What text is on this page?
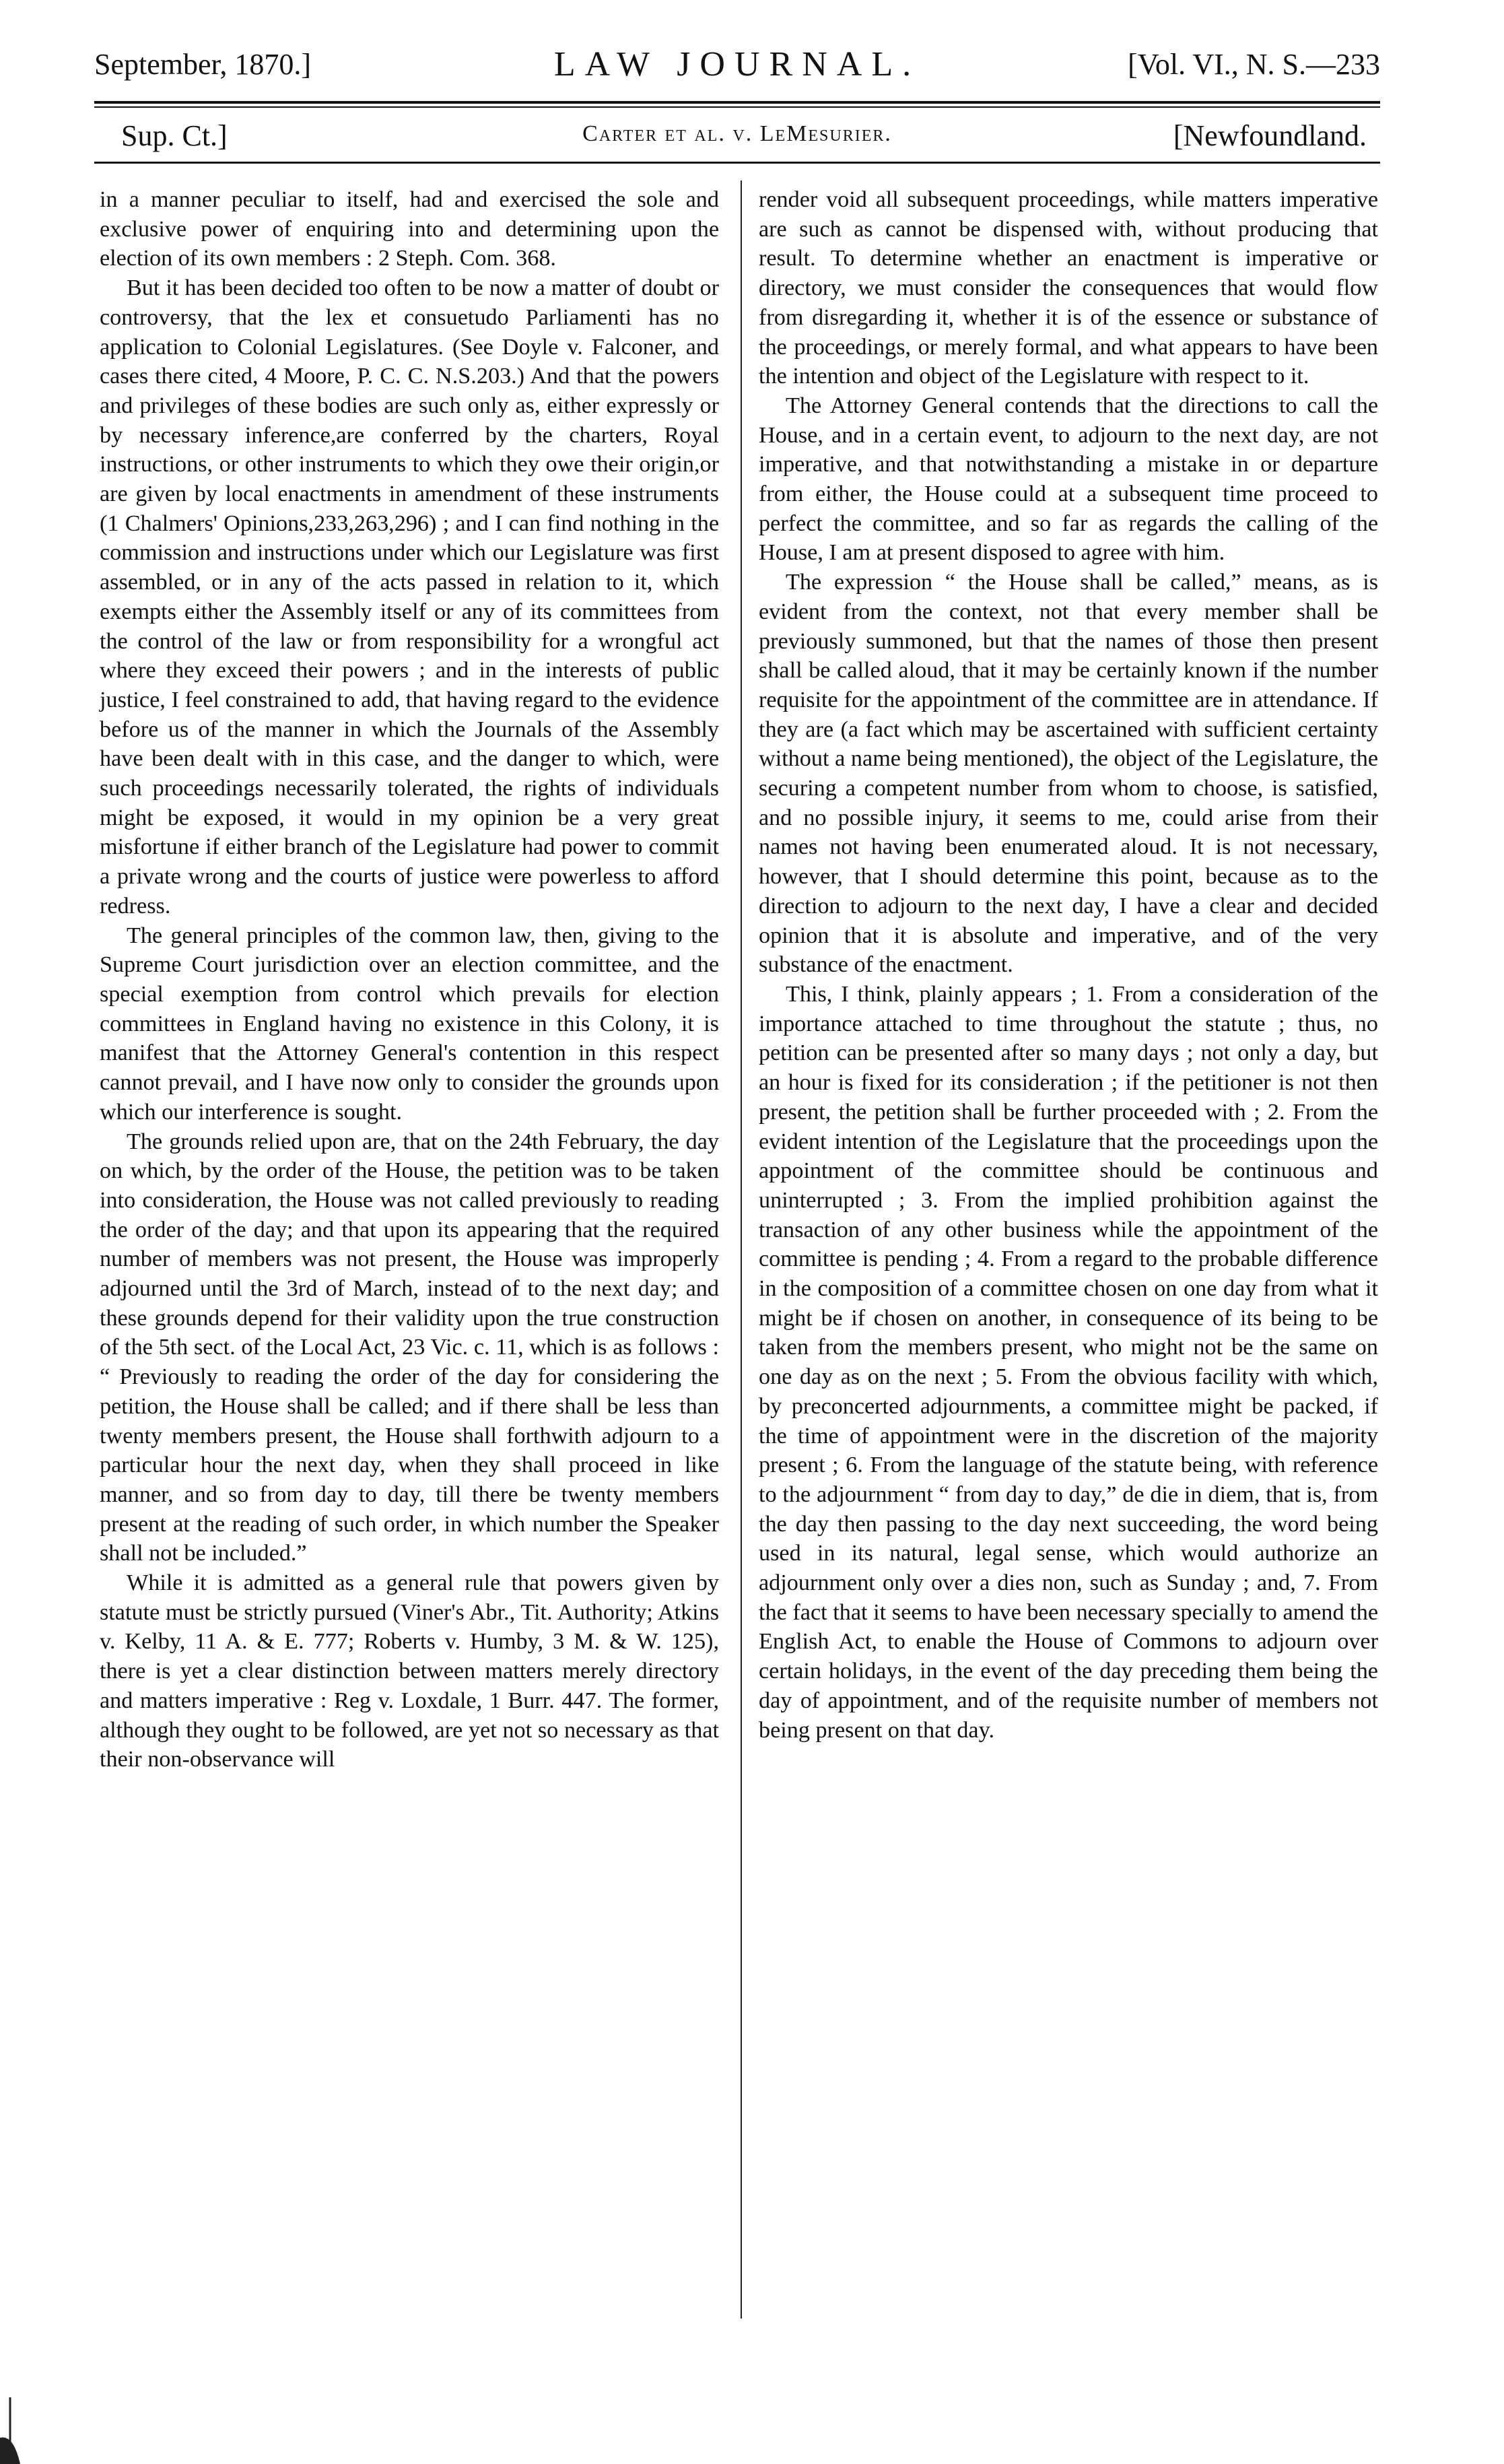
September, 1870.]	LAW JOURNAL.	[Vol. VI., N. S.—233
Sup. Ct.]	Carter et al. v. LeMesurier.	[Newfoundland.

in a manner peculiar to itself, had and exercised the sole and exclusive power of enquiring into and determining upon the election of its own members : 2 Steph. Com. 368.

But it has been decided too often to be now a matter of doubt or controversy, that the lex et consuetudo Parliamenti has no application to Colonial Legislatures. (See Doyle v. Falconer, and cases there cited, 4 Moore, P. C. C. N.S.203.) And that the powers and privileges of these bodies are such only as, either expressly or by necessary inference,are conferred by the charters, Royal instructions, or other instruments to which they owe their origin,or are given by local enactments in amendment of these instruments (1 Chalmers' Opinions,233,263,296) ; and I can find nothing in the commission and instructions under which our Legislature was first assembled, or in any of the acts passed in relation to it, which exempts either the Assembly itself or any of its committees from the control of the law or from responsibility for a wrongful act where they exceed their powers ; and in the interests of public justice, I feel constrained to add, that having regard to the evidence before us of the manner in which the Journals of the Assembly have been dealt with in this case, and the danger to which, were such proceedings necessarily tolerated, the rights of individuals might be exposed, it would in my opinion be a very great misfortune if either branch of the Legislature had power to commit a private wrong and the courts of justice were powerless to afford redress.

The general principles of the common law, then, giving to the Supreme Court jurisdiction over an election committee, and the special exemption from control which prevails for election committees in England having no existence in this Colony, it is manifest that the Attorney General's contention in this respect cannot prevail, and I have now only to consider the grounds upon which our interference is sought.

The grounds relied upon are, that on the 24th February, the day on which, by the order of the House, the petition was to be taken into consideration, the House was not called previously to reading the order of the day; and that upon its appearing that the required number of members was not present, the House was improperly adjourned until the 3rd of March, instead of to the next day; and these grounds depend for their validity upon the true construction of the 5th sect. of the Local Act, 23 Vic. c. 11, which is as follows : “ Previously to reading the order of the day for considering the petition, the House shall be called; and if there shall be less than twenty members present, the House shall forthwith adjourn to a particular hour the next day, when they shall proceed in like manner, and so from day to day, till there be twenty members present at the reading of such order, in which number the Speaker shall not be included.”

While it is admitted as a general rule that powers given by statute must be strictly pursued (Viner's Abr., Tit. Authority; Atkins v. Kelby, 11 A. & E. 777; Roberts v. Humby, 3 M. & W. 125), there is yet a clear distinction between matters merely directory and matters imperative : Reg v. Loxdale, 1 Burr. 447. The former, although they ought to be followed, are yet not so necessary as that their non-observance will

render void all subsequent proceedings, while matters imperative are such as cannot be dispensed with, without producing that result. To determine whether an enactment is imperative or directory, we must consider the consequences that would flow from disregarding it, whether it is of the essence or substance of the proceedings, or merely formal, and what appears to have been the intention and object of the Legislature with respect to it.

The Attorney General contends that the directions to call the House, and in a certain event, to adjourn to the next day, are not imperative, and that notwithstanding a mistake in or departure from either, the House could at a subsequent time proceed to perfect the committee, and so far as regards the calling of the House, I am at present disposed to agree with him.

The expression “ the House shall be called,” means, as is evident from the context, not that every member shall be previously summoned, but that the names of those then present shall be called aloud, that it may be certainly known if the number requisite for the appointment of the committee are in attendance. If they are (a fact which may be ascertained with sufficient certainty without a name being mentioned), the object of the Legislature, the securing a competent number from whom to choose, is satisfied, and no possible injury, it seems to me, could arise from their names not having been enumerated aloud. It is not necessary, however, that I should determine this point, because as to the direction to adjourn to the next day, I have a clear and decided opinion that it is absolute and imperative, and of the very substance of the enactment.

This, I think, plainly appears ; 1. From a consideration of the importance attached to time throughout the statute ; thus, no petition can be presented after so many days ; not only a day, but an hour is fixed for its consideration ; if the petitioner is not then present, the petition shall be further proceeded with ; 2. From the evident intention of the Legislature that the proceedings upon the appointment of the committee should be continuous and uninterrupted ; 3. From the implied prohibition against the transaction of any other business while the appointment of the committee is pending ; 4. From a regard to the probable difference in the composition of a committee chosen on one day from what it might be if chosen on another, in consequence of its being to be taken from the members present, who might not be the same on one day as on the next ; 5. From the obvious facility with which, by preconcerted adjournments, a committee might be packed, if the time of appointment were in the discretion of the majority present ; 6. From the language of the statute being, with reference to the adjournment “ from day to day,” de die in diem, that is, from the day then passing to the day next succeeding, the word being used in its natural, legal sense, which would authorize an adjournment only over a dies non, such as Sunday ; and, 7. From the fact that it seems to have been necessary specially to amend the English Act, to enable the House of Commons to adjourn over certain holidays, in the event of the day preceding them being the day of appointment, and of the requisite number of members not being present on that day.
